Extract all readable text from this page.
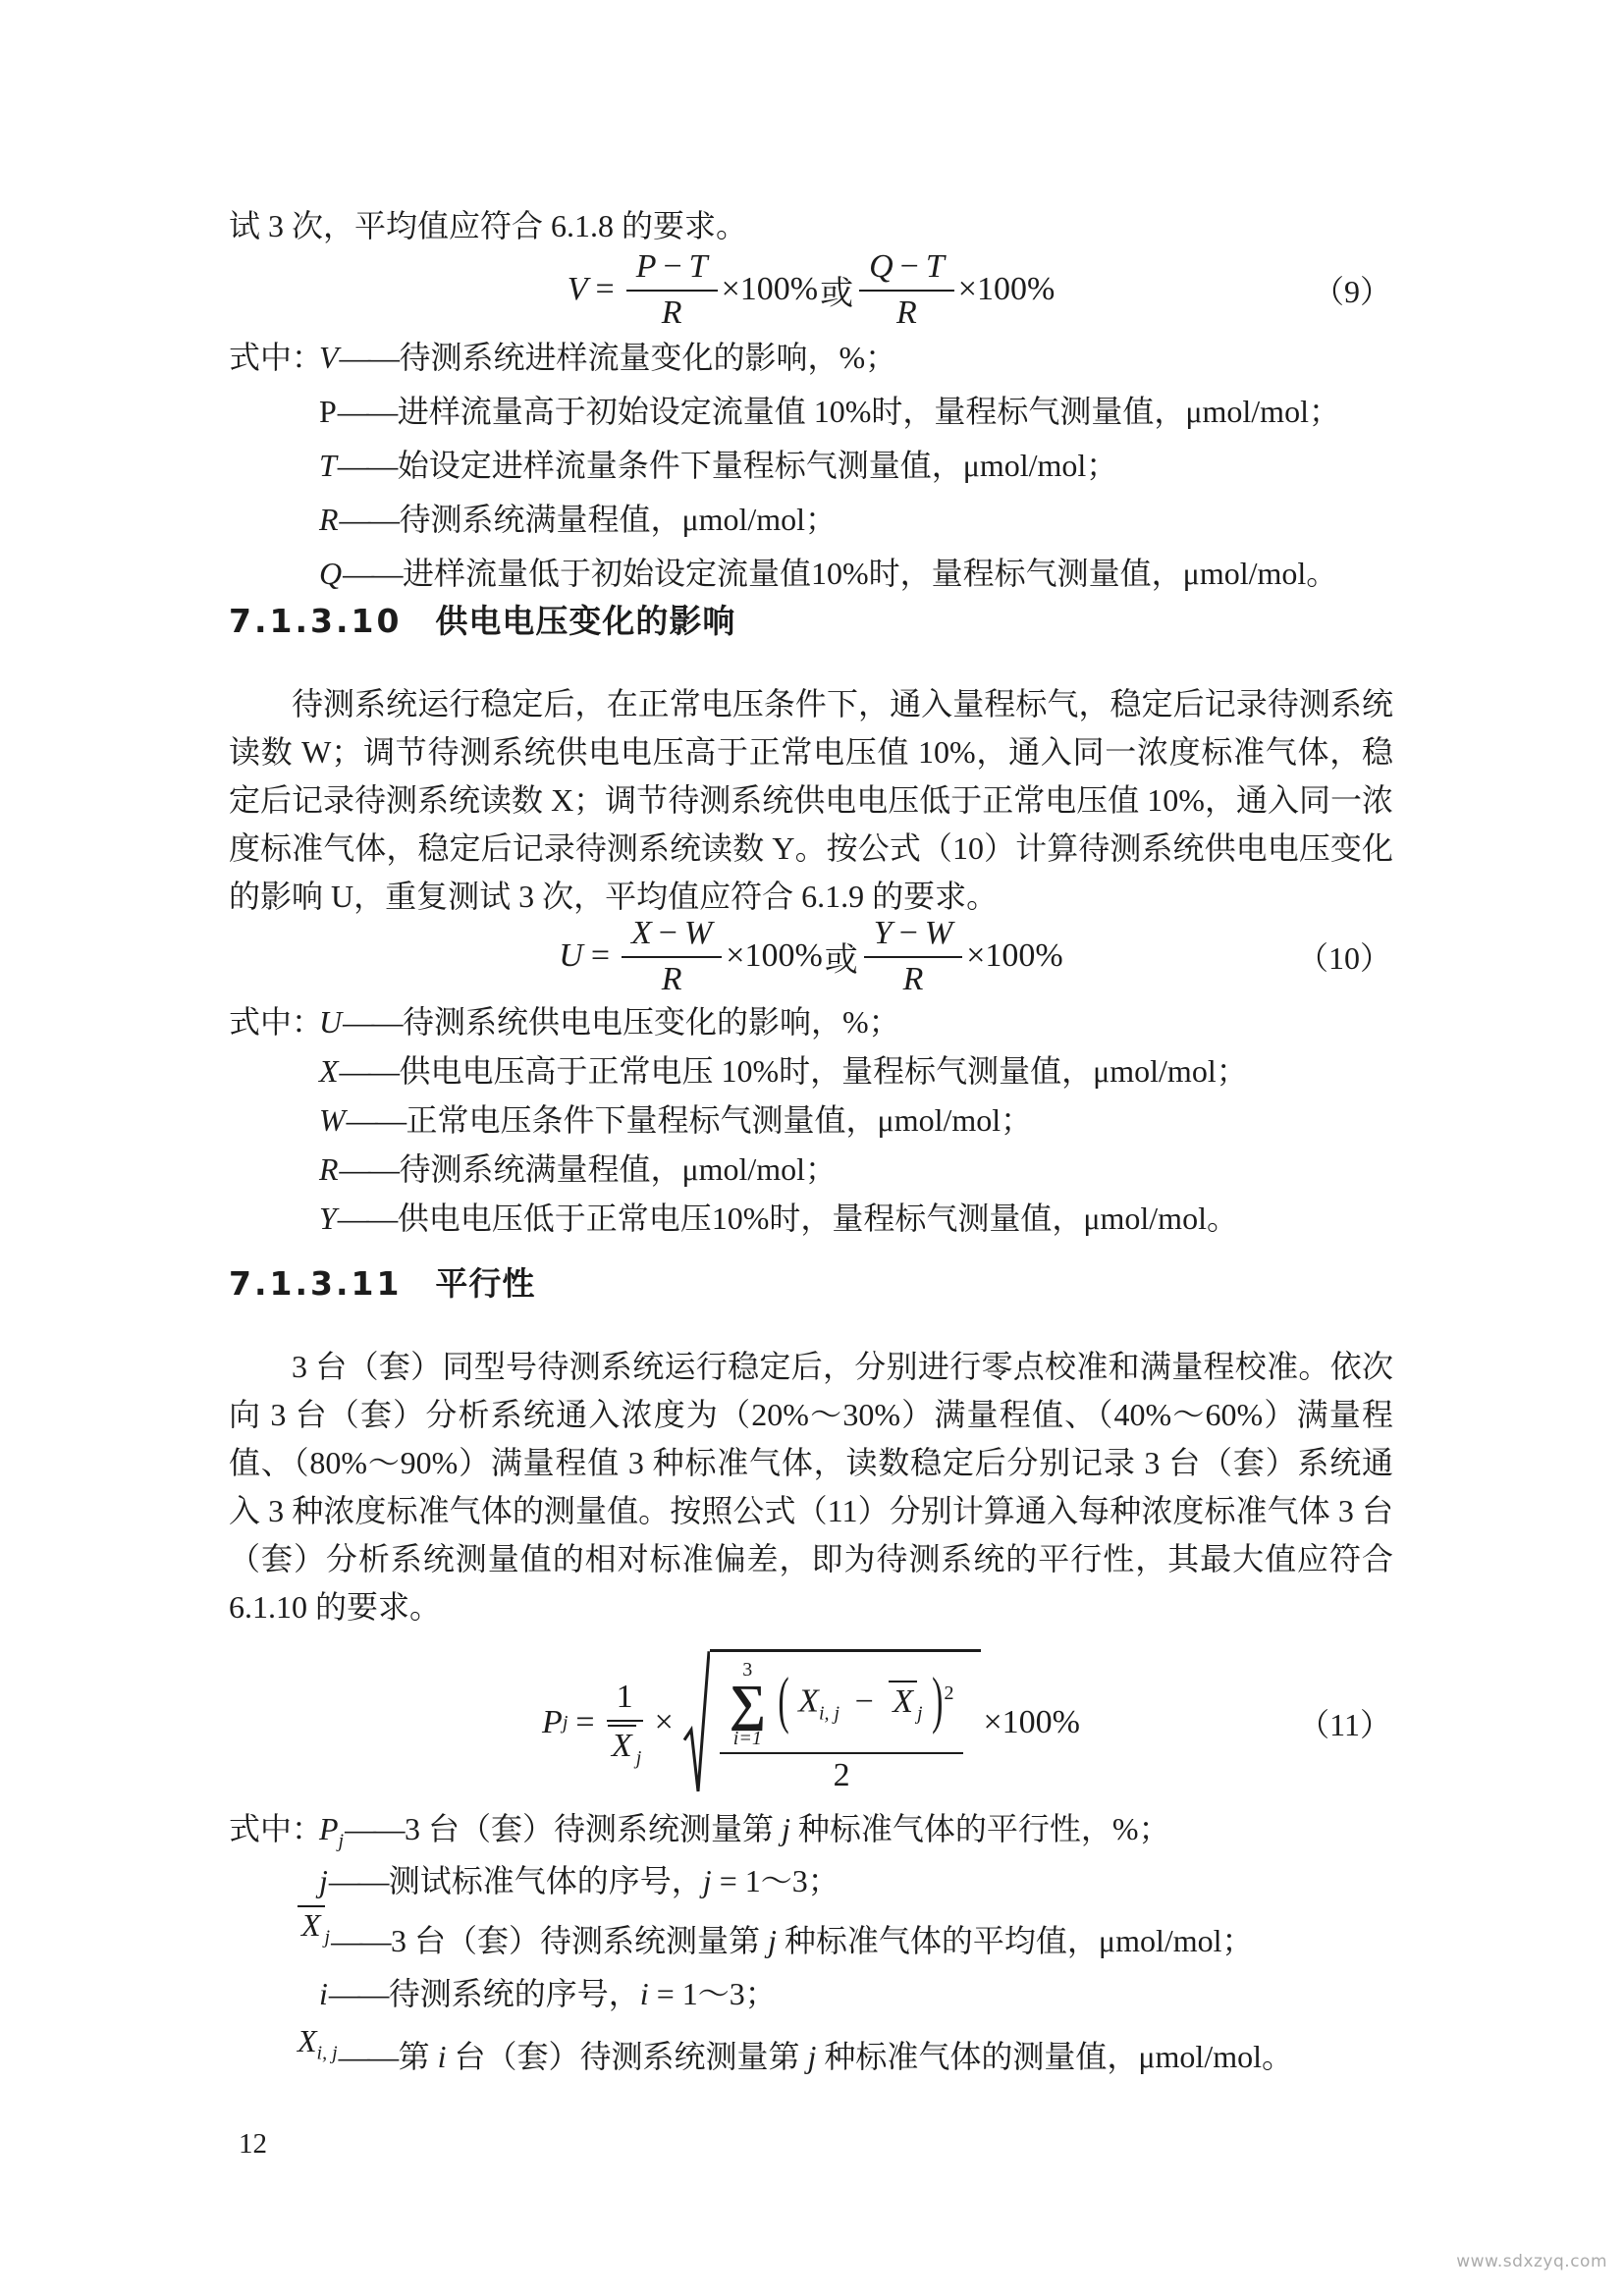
试 3 次，平均值应符合 6.1.8 的要求。

$V = \frac{P - T}{R} \times 100\%$ 或 $\frac{Q - T}{R} \times 100\%$	（9）
式中：
V——待测系统进样流量变化的影响，%；
P——进样流量高于初始设定流量值 10%时，量程标气测量值，μmol/mol；
T——始设定进样流量条件下量程标气测量值，μmol/mol；
R——待测系统满量程值，μmol/mol；
Q——进样流量低于初始设定流量值10%时，量程标气测量值，μmol/mol。
7.1.3.10 供电电压变化的影响

待测系统运行稳定后，在正常电压条件下，通入量程标气，稳定后记录待测系统读数 W；调节待测系统供电电压高于正常电压值 10%，通入同一浓度标准气体，稳定后记录待测系统读数 X；调节待测系统供电电压低于正常电压值 10%，通入同一浓度标准气体，稳定后记录待测系统读数 Y。按公式（10）计算待测系统供电电压变化的影响 U，重复测试 3 次，平均值应符合 6.1.9 的要求。

$U = \frac{X - W}{R} \times 100\%$ 或 $\frac{Y - W}{R} \times 100\%$	（10）
式中：
U——待测系统供电电压变化的影响，%；
X——供电电压高于正常电压 10%时，量程标气测量值，μmol/mol；
W——正常电压条件下量程标气测量值，μmol/mol；
R——待测系统满量程值，μmol/mol；
Y——供电电压低于正常电压10%时，量程标气测量值，μmol/mol。
7.1.3.11 平行性

3 台（套）同型号待测系统运行稳定后，分别进行零点校准和满量程校准。依次向 3 台（套）分析系统通入浓度为（20%～30%）满量程值、（40%～60%）满量程值、（80%～90%）满量程值 3 种标准气体，读数稳定后分别记录 3 台（套）系统通入 3 种浓度标准气体的测量值。按照公式（11）分别计算通入每种浓度标准气体 3 台（套）分析系统测量值的相对标准偏差，即为待测系统的平行性，其最大值应符合 6.1.10 的要求。

P $j = \frac{1}{X _j}$ ×
3
∑
i=1
( $X_{i, j} - X$ $_j$ )$^2$
2
×100%	（11）
式中：
$P_j——3$ 台（套）待测系统测量第 j 种标准气体的平行性，%；
j——测试标准气体的序号，j = 1～3；
X $_j$——3 台（套）待测系统测量第 j 种标准气体的平均值，μmol/mol；
i——待测系统的序号，i = 1～3；
$X_{i, j}——$第 i 台（套）待测系统测量第 j 种标准气体的测量值，μmol/mol。
12
www.sdxzyq.com
